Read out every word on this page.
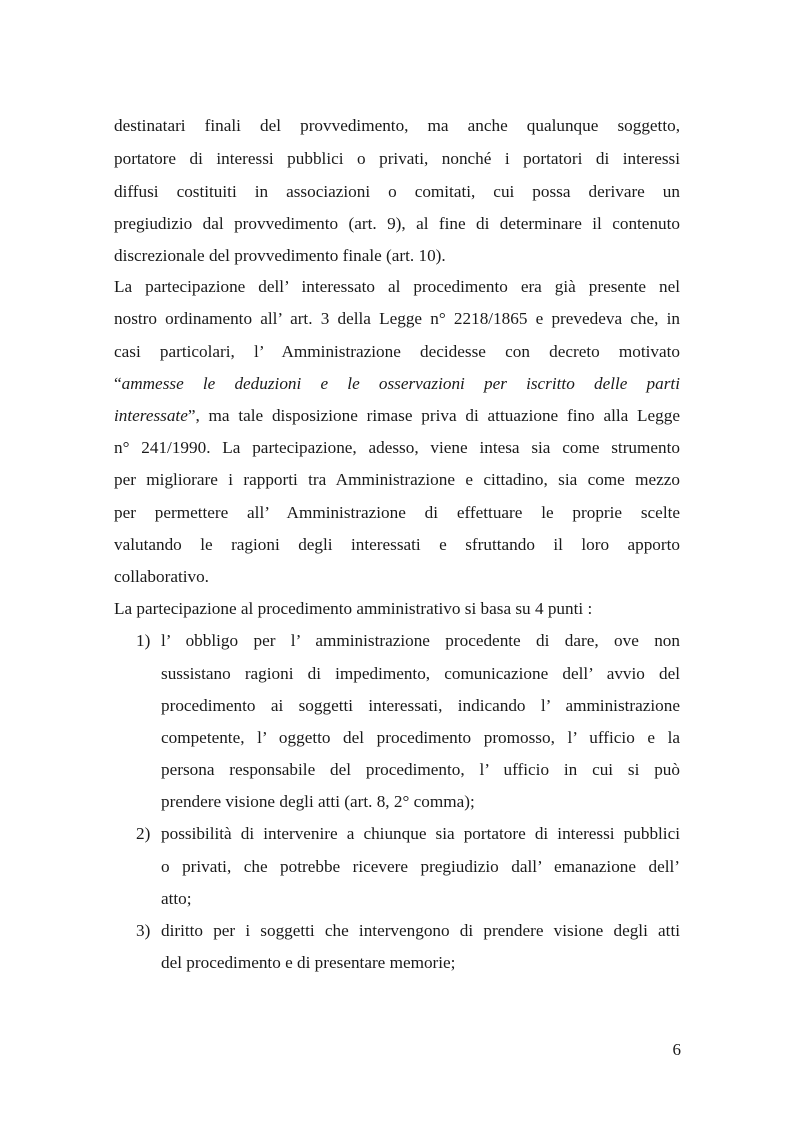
destinatari finali del provvedimento, ma anche qualunque soggetto,
portatore di interessi pubblici o privati, nonché i portatori di interessi
diffusi costituiti in associazioni o comitati, cui possa derivare un
pregiudizio dal provvedimento (art. 9), al fine di determinare il contenuto
discrezionale del provvedimento finale (art. 10).
La partecipazione dell’ interessato al procedimento era già presente nel
nostro ordinamento all’ art. 3 della Legge n° 2218/1865 e prevedeva che, in
casi particolari, l’ Amministrazione decidesse con decreto motivato
“ammesse le deduzioni e le osservazioni per iscritto delle parti
interessate”, ma tale disposizione rimase priva di attuazione fino alla Legge
n° 241/1990. La partecipazione, adesso, viene intesa sia come strumento
per migliorare i rapporti tra Amministrazione e cittadino, sia come mezzo
per permettere all’ Amministrazione di effettuare le proprie scelte
valutando le ragioni degli interessati e sfruttando il loro apporto
collaborativo.
La partecipazione al procedimento amministrativo si basa su 4 punti :
1) l’ obbligo per l’ amministrazione procedente di dare, ove non
sussistano ragioni di impedimento, comunicazione dell’ avvio del
procedimento ai soggetti interessati, indicando l’ amministrazione
competente, l’ oggetto del procedimento promosso, l’ ufficio e la
persona responsabile del procedimento, l’ ufficio in cui si può
prendere visione degli atti (art. 8, 2° comma);
2) possibilità di intervenire a chiunque sia portatore di interessi pubblici
o privati, che potrebbe ricevere pregiudizio dall’ emanazione dell’
atto;
3) diritto per i soggetti che intervengono di prendere visione degli atti
del procedimento e di presentare memorie;
6
